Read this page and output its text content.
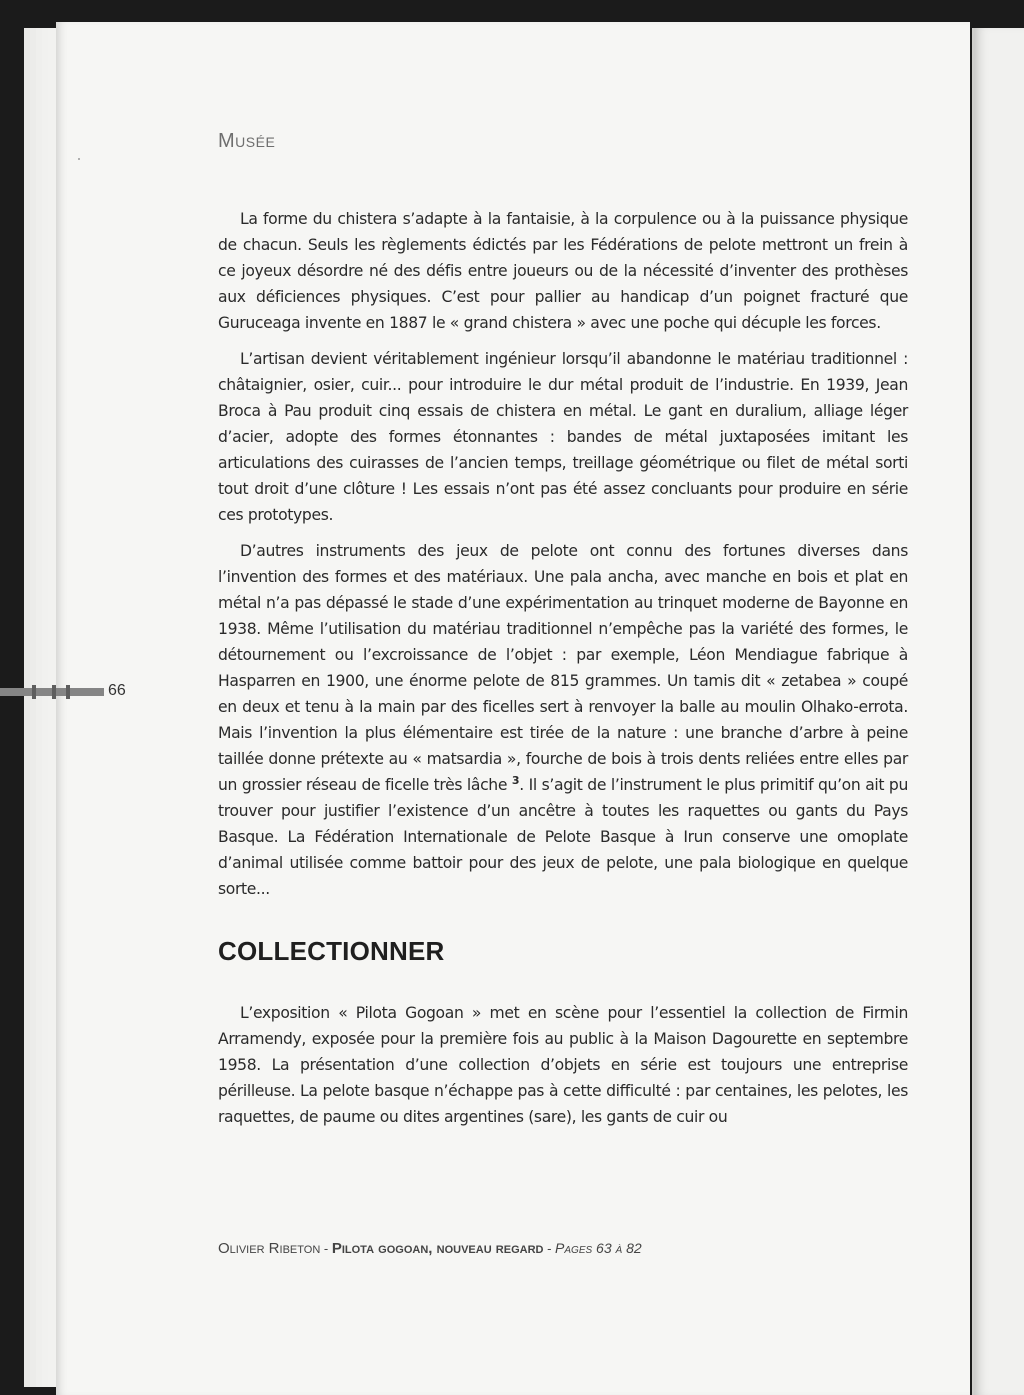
Musée
66

La forme du chistera s’adapte à la fantaisie, à la corpulence ou à la puissance physique de chacun. Seuls les règlements édictés par les Fédérations de pelote mettront un frein à ce joyeux désordre né des défis entre joueurs ou de la nécessité d’inventer des prothèses aux déficiences physiques. C’est pour pallier au handicap d’un poignet fracturé que Guruceaga invente en 1887 le « grand chistera » avec une poche qui décuple les forces.

L’artisan devient véritablement ingénieur lorsqu’il abandonne le matériau traditionnel : châtaignier, osier, cuir... pour introduire le dur métal produit de l’industrie. En 1939, Jean Broca à Pau produit cinq essais de chistera en métal. Le gant en duralium, alliage léger d’acier, adopte des formes étonnantes : bandes de métal juxtaposées imitant les articulations des cuirasses de l’ancien temps, treillage géométrique ou filet de métal sorti tout droit d’une clôture ! Les essais n’ont pas été assez concluants pour produire en série ces prototypes.

D’autres instruments des jeux de pelote ont connu des fortunes diverses dans l’invention des formes et des matériaux. Une pala ancha, avec manche en bois et plat en métal n’a pas dépassé le stade d’une expérimentation au trinquet moderne de Bayonne en 1938. Même l’utilisation du matériau traditionnel n’empêche pas la variété des formes, le détournement ou l’excroissance de l’objet : par exemple, Léon Mendiague fabrique à Hasparren en 1900, une énorme pelote de 815 grammes. Un tamis dit « zetabea » coupé en deux et tenu à la main par des ficelles sert à renvoyer la balle au moulin Olhako-errota. Mais l’invention la plus élémentaire est tirée de la nature : une branche d’arbre à peine taillée donne prétexte au « matsardia », fourche de bois à trois dents reliées entre elles par un grossier réseau de ficelle très lâche $^3$. Il s’agit de l’instrument le plus primitif qu’on ait pu trouver pour justifier l’existence d’un ancêtre à toutes les raquettes ou gants du Pays Basque. La Fédération Internationale de Pelote Basque à Irun conserve une omoplate d’animal utilisée comme battoir pour des jeux de pelote, une pala biologique en quelque sorte...

COLLECTIONNER

L’exposition « Pilota Gogoan » met en scène pour l’essentiel la collection de Firmin Arramendy, exposée pour la première fois au public à la Maison Dagourette en septembre 1958. La présentation d’une collection d’objets en série est toujours une entreprise périlleuse. La pelote basque n’échappe pas à cette difficulté : par centaines, les pelotes, les raquettes, de paume ou dites argentines (sare), les gants de cuir ou

Olivier Ribeton - Pilota gogoan, nouveau regard - Pages 63 à 82
